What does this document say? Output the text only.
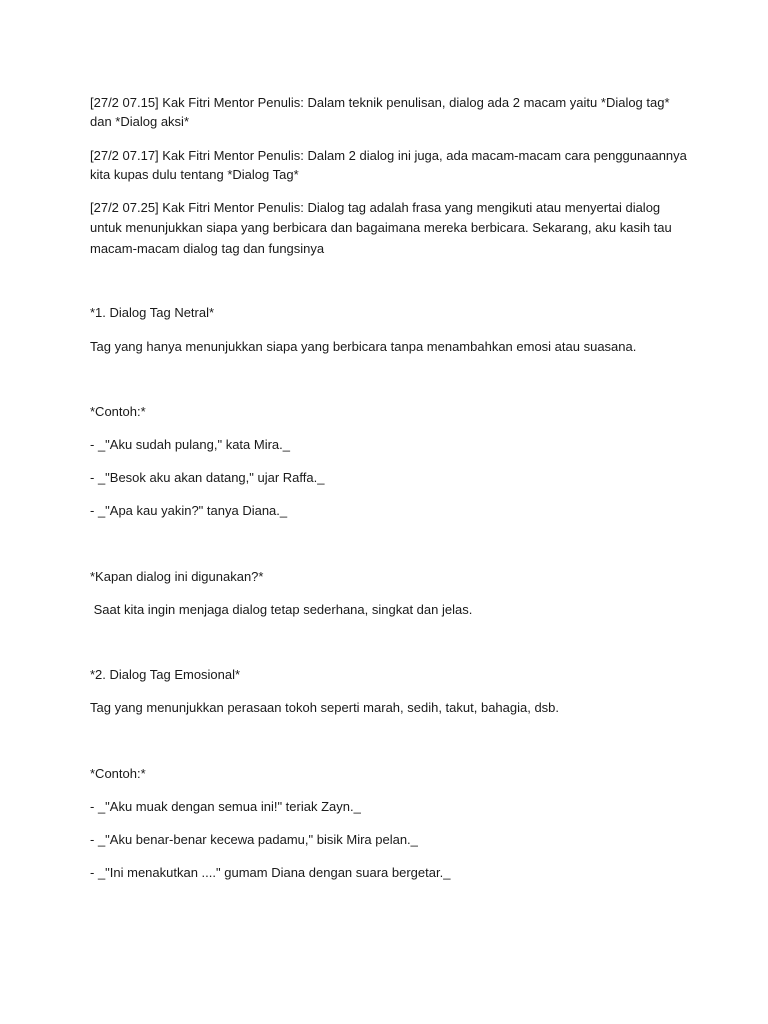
[27/2 07.15] Kak Fitri Mentor Penulis: Dalam teknik penulisan, dialog ada 2 macam yaitu *Dialog tag*
dan *Dialog aksi*
[27/2 07.17] Kak Fitri Mentor Penulis: Dalam 2 dialog ini juga, ada macam-macam cara penggunaannya
kita kupas dulu tentang *Dialog Tag*
[27/2 07.25] Kak Fitri Mentor Penulis: Dialog tag adalah frasa yang mengikuti atau menyertai dialog
untuk menunjukkan siapa yang berbicara dan bagaimana mereka berbicara. Sekarang, aku kasih tau
macam-macam dialog tag dan fungsinya
*1. Dialog Tag Netral*
Tag yang hanya menunjukkan siapa yang berbicara tanpa menambahkan emosi atau suasana.
*Contoh:*
- _"Aku sudah pulang," kata Mira._
- _"Besok aku akan datang," ujar Raffa._
- _"Apa kau yakin?" tanya Diana._
*Kapan dialog ini digunakan?*
Saat kita ingin menjaga dialog tetap sederhana, singkat dan jelas.
*2. Dialog Tag Emosional*
Tag yang menunjukkan perasaan tokoh seperti marah, sedih, takut, bahagia, dsb.
*Contoh:*
- _"Aku muak dengan semua ini!" teriak Zayn._
- _"Aku benar-benar kecewa padamu," bisik Mira pelan._
- _"Ini menakutkan ...." gumam Diana dengan suara bergetar._
